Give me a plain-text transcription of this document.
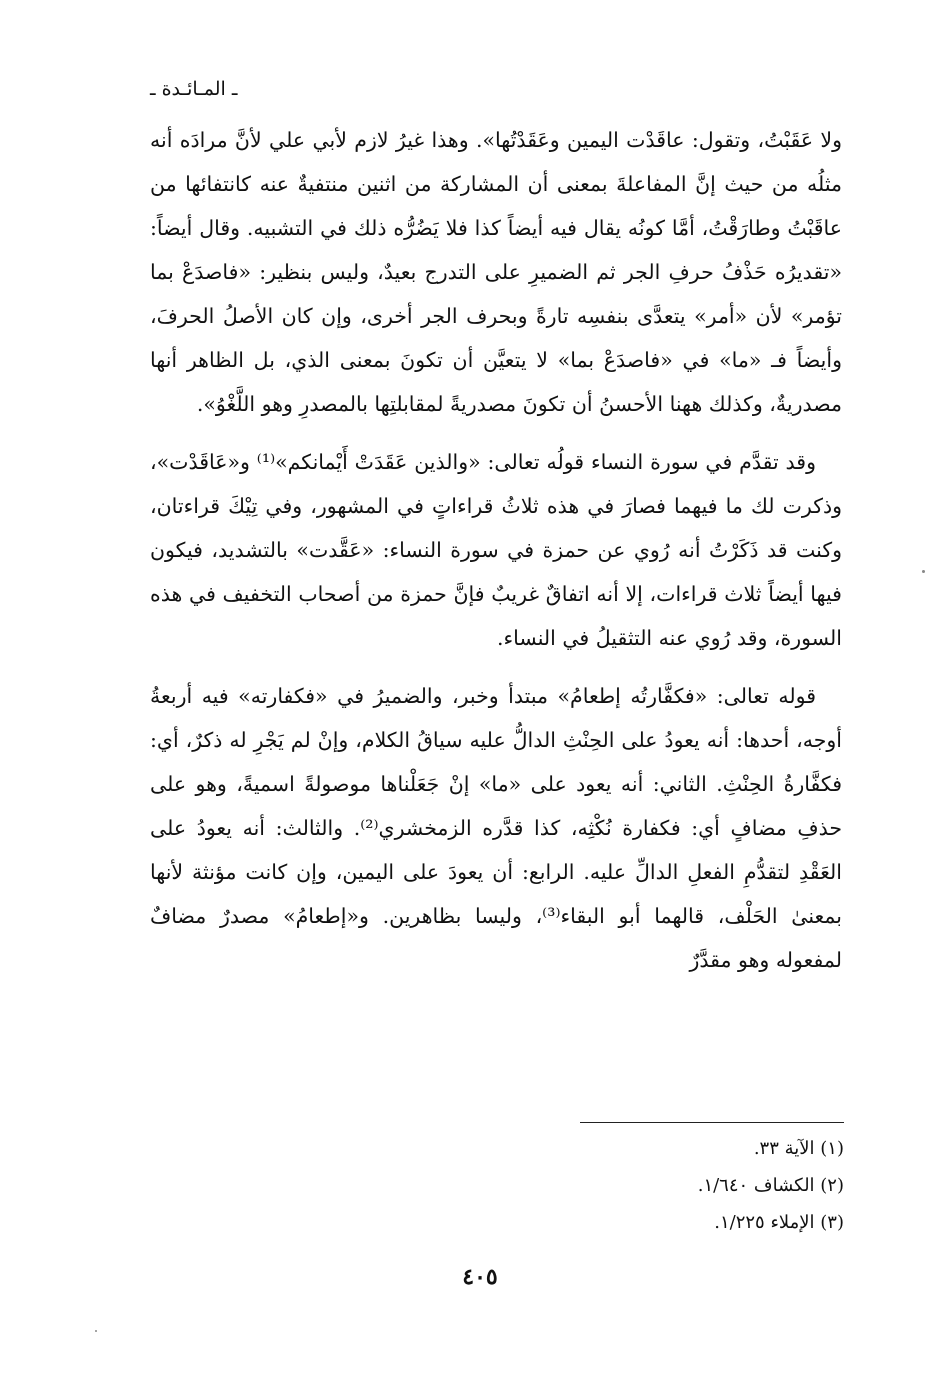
ـ المـائـدة ـ

ولا عَقَبْتُ، وتقول: عاقَدْت اليمين وعَقَدْتُها». وهذا غيرُ لازم لأبي علي لأنَّ مرادَه أنه مثلُه من حيث إنَّ المفاعلةَ بمعنى أن المشاركة من اثنين منتفيةٌ عنه كانتفائها من عاقَبْتُ وطارَقْتُ، أمَّا كونُه يقال فيه أيضاً كذا فلا يَضُرُّه ذلك في التشبيه. وقال أيضاً: «تقديرُه حَذْفُ حرفِ الجر ثم الضميرِ على التدرج بعيدٌ، وليس بنظير: «فاصدَعْ بما تؤمر» لأن «أمر» يتعدَّى بنفسِه تارةً وبحرف الجر أخرى، وإن كان الأصلُ الحرفَ، وأيضاً فـ «ما» في «فاصدَعْ بما» لا يتعيَّن أن تكونَ بمعنى الذي، بل الظاهر أنها مصدريةٌ، وكذلك ههنا الأحسنُ أن تكونَ مصدريةً لمقابلتِها بالمصدرِ وهو اللَّغْوُ».

وقد تقدَّم في سورة النساء قولُه تعالى: «والذين عَقَدَتْ أَيْمانكم»⁽¹⁾ و«عَاقَدْت»، وذكرت لك ما فيهما فصارَ في هذه ثلاثُ قراءاتٍ في المشهور، وفي تِيْكَ قراءتان، وكنت قد ذَكَرْتُ أنه رُوي عن حمزة في سورة النساء: «عَقَّدت» بالتشديد، فيكون فيها أيضاً ثلاث قراءات، إلا أنه اتفاقٌ غريبٌ فإنَّ حمزة من أصحاب التخفيف في هذه السورة، وقد رُوي عنه التثقيلُ في النساء.

قوله تعالى: «فكفَّارتُه إطعامُ» مبتدأ وخبر، والضميرُ في «فكفارته» فيه أربعةُ أوجه، أحدها: أنه يعودُ على الحِنْثِ الدالُّ عليه سياقُ الكلام، وإنْ لم يَجْرِ له ذكرٌ، أي: فكفَّارةُ الحِنْثِ. الثاني: أنه يعود على «ما» إنْ جَعَلْناها موصولةً اسميةً، وهو على حذفِ مضافٍ أي: فكفارة نُكْثِه، كذا قدَّره الزمخشري⁽²⁾. والثالث: أنه يعودُ على العَقْدِ لتقدُّمِ الفعلِ الدالِّ عليه. الرابع: أن يعودَ على اليمين، وإن كانت مؤنثة لأنها بمعنىٰ الحَلْف، قالهما أبو البقاء⁽³⁾، وليسا بظاهرين. و«إطعامُ» مصدرٌ مضافٌ لمفعوله وهو مقدَّرٌ

(١) الآية ٣٣.
(٢) الكشاف ١/٦٤٠.
(٣) الإملاء ١/٢٢٥.
٤٠٥
